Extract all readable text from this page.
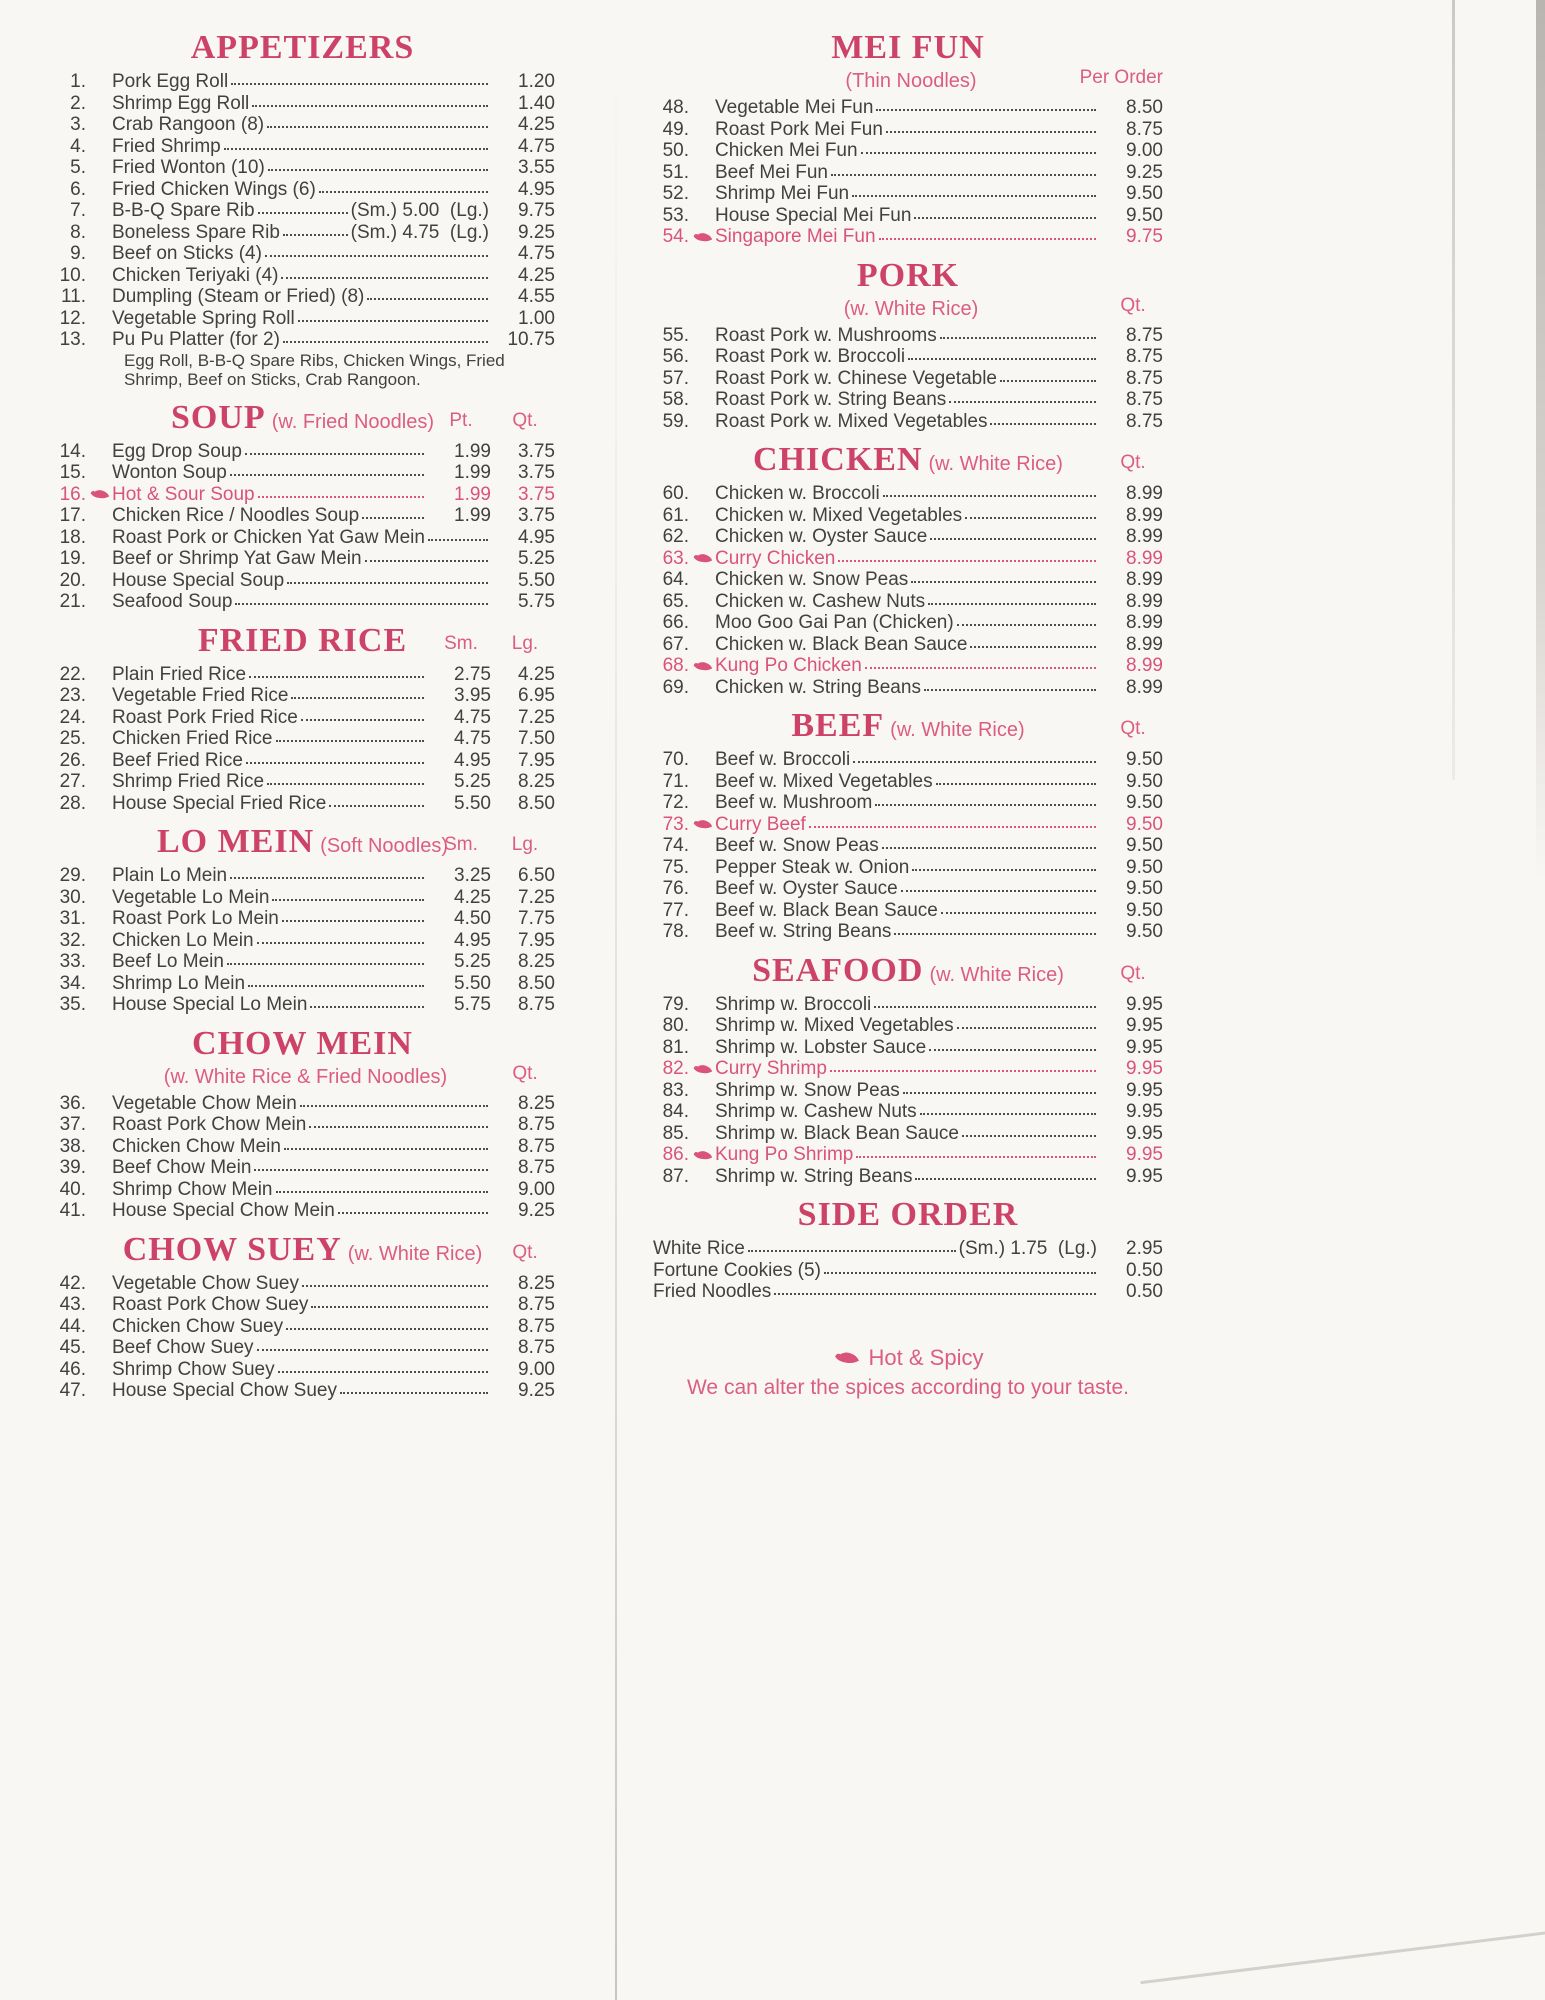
APPETIZERS
1. Pork Egg Roll	1.20
2. Shrimp Egg Roll	1.40
3. Crab Rangoon (8)	4.25
4. Fried Shrimp	4.75
5. Fried Wonton (10)	3.55
6. Fried Chicken Wings (6)	4.95
7. B-B-Q Spare Rib	(Sm.) 5.00  (Lg.)	9.75
8. Boneless Spare Rib	(Sm.) 4.75  (Lg.)	9.25
9. Beef on Sticks (4)	4.75
10. Chicken Teriyaki (4)	4.25
11. Dumpling (Steam or Fried) (8)	4.55
12. Vegetable Spring Roll	1.00
13. Pu Pu Platter (for 2)	10.75
Egg Roll, B-B-Q Spare Ribs, Chicken Wings, Fried Shrimp, Beef on Sticks, Crab Rangoon.
SOUP (w. Fried Noodles) Pt.	Qt.
14. Egg Drop Soup	1.99	3.75
15. Wonton Soup	1.99	3.75
16. Hot & Sour Soup	1.99	3.75
17. Chicken Rice / Noodles Soup	1.99	3.75
18. Roast Pork or Chicken Yat Gaw Mein	4.95
19. Beef or Shrimp Yat Gaw Mein	5.25
20. House Special Soup	5.50
21. Seafood Soup	5.75
FRIED RICE	Sm.	Lg.
22. Plain Fried Rice	2.75	4.25
23. Vegetable Fried Rice	3.95	6.95
24. Roast Pork Fried Rice	4.75	7.25
25. Chicken Fried Rice	4.75	7.50
26. Beef Fried Rice	4.95	7.95
27. Shrimp Fried Rice	5.25	8.25
28. House Special Fried Rice	5.50	8.50
LO MEIN (Soft Noodles)
Sm.	Lg.
29. Plain Lo Mein	3.25	6.50
30. Vegetable Lo Mein	4.25	7.25
31. Roast Pork Lo Mein	4.50	7.75
32. Chicken Lo Mein	4.95	7.95
33. Beef Lo Mein	5.25	8.25
34. Shrimp Lo Mein	5.50	8.50
35. House Special Lo Mein	5.75	8.75
CHOW MEIN
(w. White Rice & Fried Noodles)	Qt.
36. Vegetable Chow Mein	8.25
37. Roast Pork Chow Mein	8.75
38. Chicken Chow Mein	8.75
39. Beef Chow Mein	8.75
40. Shrimp Chow Mein	9.00
41. House Special Chow Mein	9.25
CHOW SUEY (w. White Rice)	Qt.
42. Vegetable Chow Suey	8.25
43. Roast Pork Chow Suey	8.75
44. Chicken Chow Suey	8.75
45. Beef Chow Suey	8.75
46. Shrimp Chow Suey	9.00
47. House Special Chow Suey	9.25
MEI FUN
(Thin Noodles)	Per Order
48. Vegetable Mei Fun	8.50
49. Roast Pork Mei Fun	8.75
50. Chicken Mei Fun	9.00
51. Beef Mei Fun	9.25
52. Shrimp Mei Fun	9.50
53. House Special Mei Fun	9.50
54. Singapore Mei Fun	9.75
PORK
(w. White Rice)	Qt.
55. Roast Pork w. Mushrooms	8.75
56. Roast Pork w. Broccoli	8.75
57. Roast Pork w. Chinese Vegetable	8.75
58. Roast Pork w. String Beans	8.75
59. Roast Pork w. Mixed Vegetables	8.75
CHICKEN (w. White Rice)	Qt.
60. Chicken w. Broccoli	8.99
61. Chicken w. Mixed Vegetables	8.99
62. Chicken w. Oyster Sauce	8.99
63. Curry Chicken	8.99
64. Chicken w. Snow Peas	8.99
65. Chicken w. Cashew Nuts	8.99
66. Moo Goo Gai Pan (Chicken)	8.99
67. Chicken w. Black Bean Sauce	8.99
68. Kung Po Chicken	8.99
69. Chicken w. String Beans	8.99
BEEF (w. White Rice)	Qt.
70. Beef w. Broccoli	9.50
71. Beef w. Mixed Vegetables	9.50
72. Beef w. Mushroom	9.50
73. Curry Beef	9.50
74. Beef w. Snow Peas	9.50
75. Pepper Steak w. Onion	9.50
76. Beef w. Oyster Sauce	9.50
77. Beef w. Black Bean Sauce	9.50
78. Beef w. String Beans	9.50
SEAFOOD (w. White Rice)	Qt.
79. Shrimp w. Broccoli	9.95
80. Shrimp w. Mixed Vegetables	9.95
81. Shrimp w. Lobster Sauce	9.95
82. Curry Shrimp	9.95
83. Shrimp w. Snow Peas	9.95
84. Shrimp w. Cashew Nuts	9.95
85. Shrimp w. Black Bean Sauce	9.95
86. Kung Po Shrimp	9.95
87. Shrimp w. String Beans	9.95
SIDE ORDER
White Rice	(Sm.) 1.75  (Lg.)	2.95
Fortune Cookies (5)	0.50
Fried Noodles	0.50
Hot & Spicy
We can alter the spices according to your taste.
